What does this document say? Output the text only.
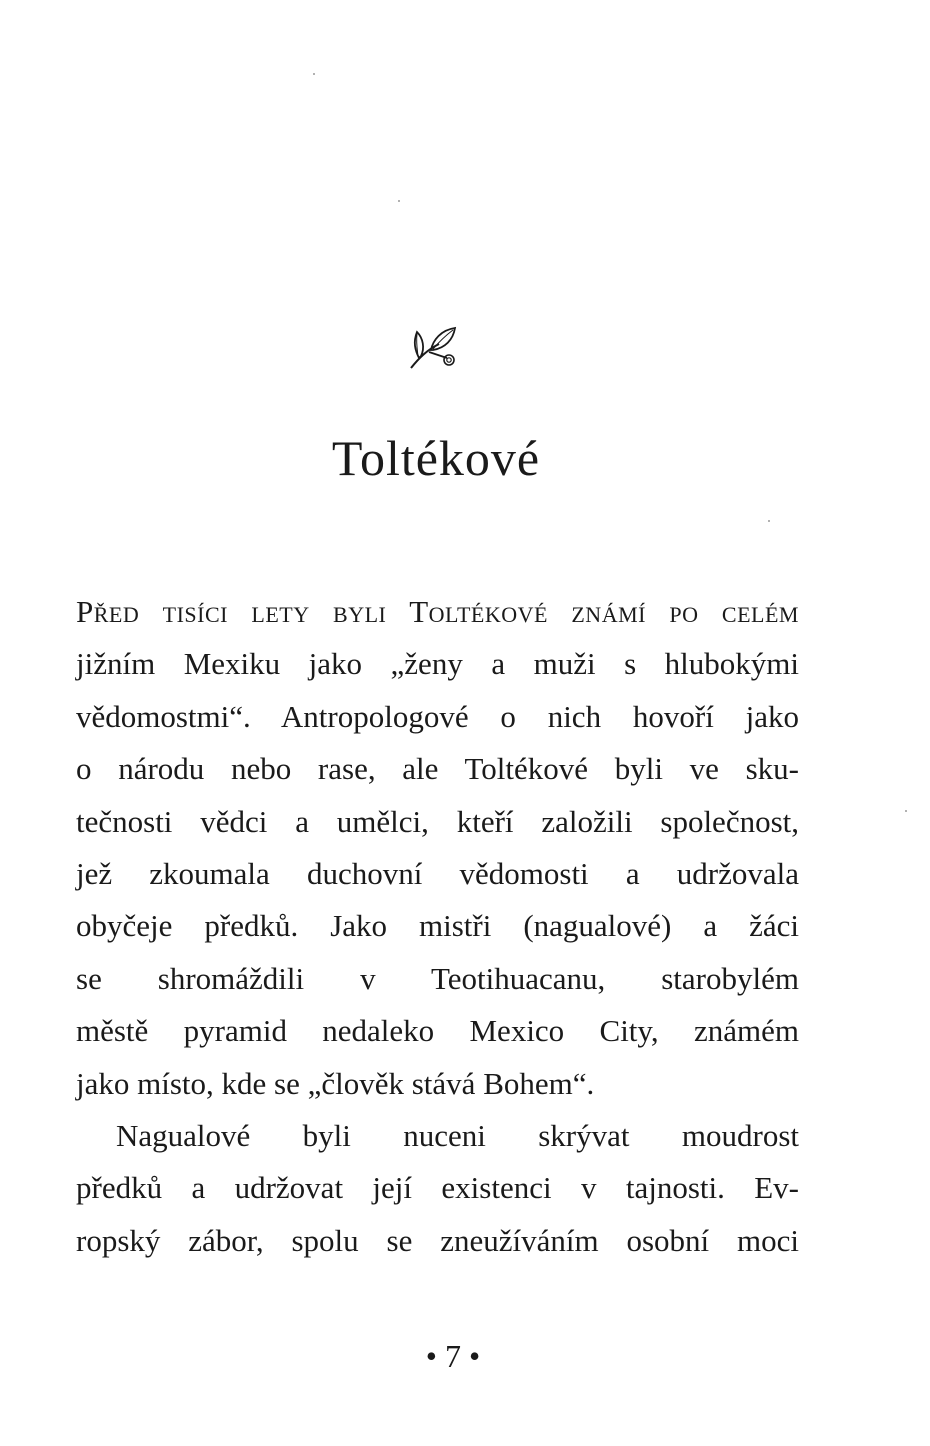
Toltékové
Před tisíci lety byli Toltékové známí po celém
jižním Mexiku jako „ženy a muži s hlubokými
vědomostmi“. Antropologové o nich hovoří jako
o národu nebo rase, ale Toltékové byli ve sku-
tečnosti vědci a umělci, kteří založili společnost,
jež zkoumala duchovní vědomosti a udržovala
obyčeje předků. Jako mistři (nagualové) a žáci
se shromáždili v Teotihuacanu, starobylém
městě pyramid nedaleko Mexico City, známém
jako místo, kde se „člověk stává Bohem“.
Nagualové byli nuceni skrývat moudrost
předků a udržovat její existenci v tajnosti. Ev-
ropský zábor, spolu se zneužíváním osobní moci
• 7 •
